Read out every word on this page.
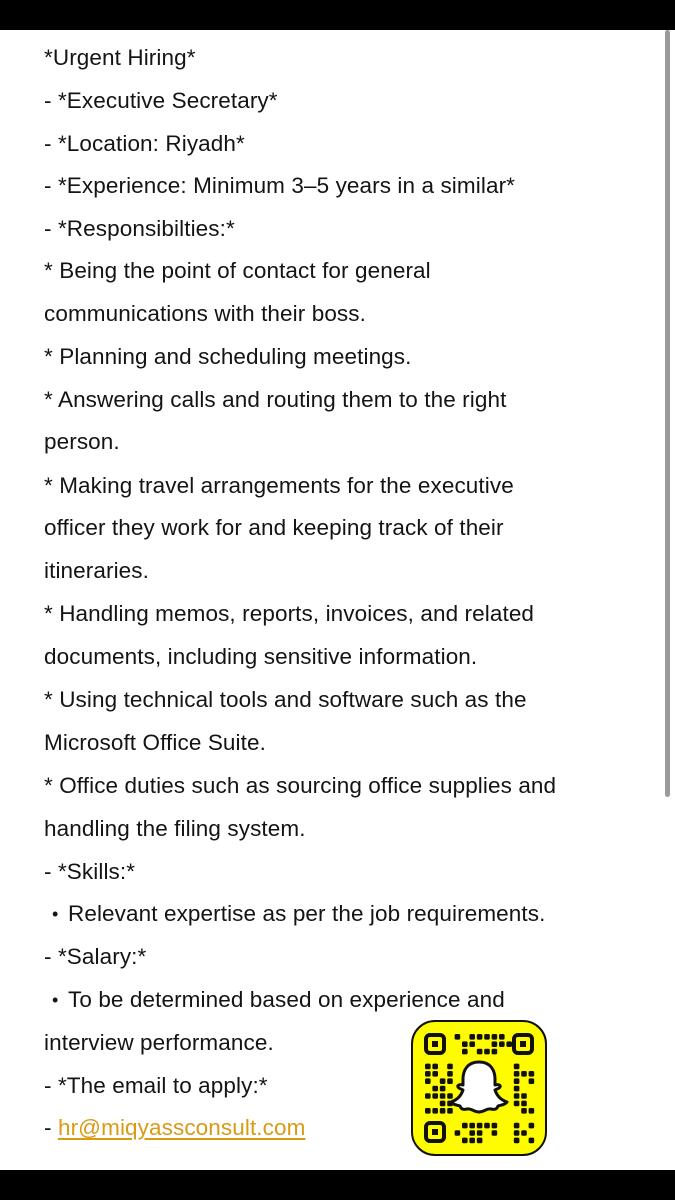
*Urgent Hiring*
- *Executive Secretary*
- *Location: Riyadh*
- *Experience: Minimum 3–5 years in a similar*
- *Responsibilties:*
* Being the point of contact for general
communications with their boss.
* Planning and scheduling meetings.
* Answering calls and routing them to the right
person.
* Making travel arrangements for the executive
officer they work for and keeping track of their
itineraries.
* Handling memos, reports, invoices, and related
documents, including sensitive information.
* Using technical tools and software such as the
Microsoft Office Suite.
* Office duties such as sourcing office supplies and
handling the filing system.
- *Skills:*
• Relevant expertise as per the job requirements.
- *Salary:*
• To be determined based on experience and
interview performance.
- *The email to apply:*
- hr@miqyassconsult.com
